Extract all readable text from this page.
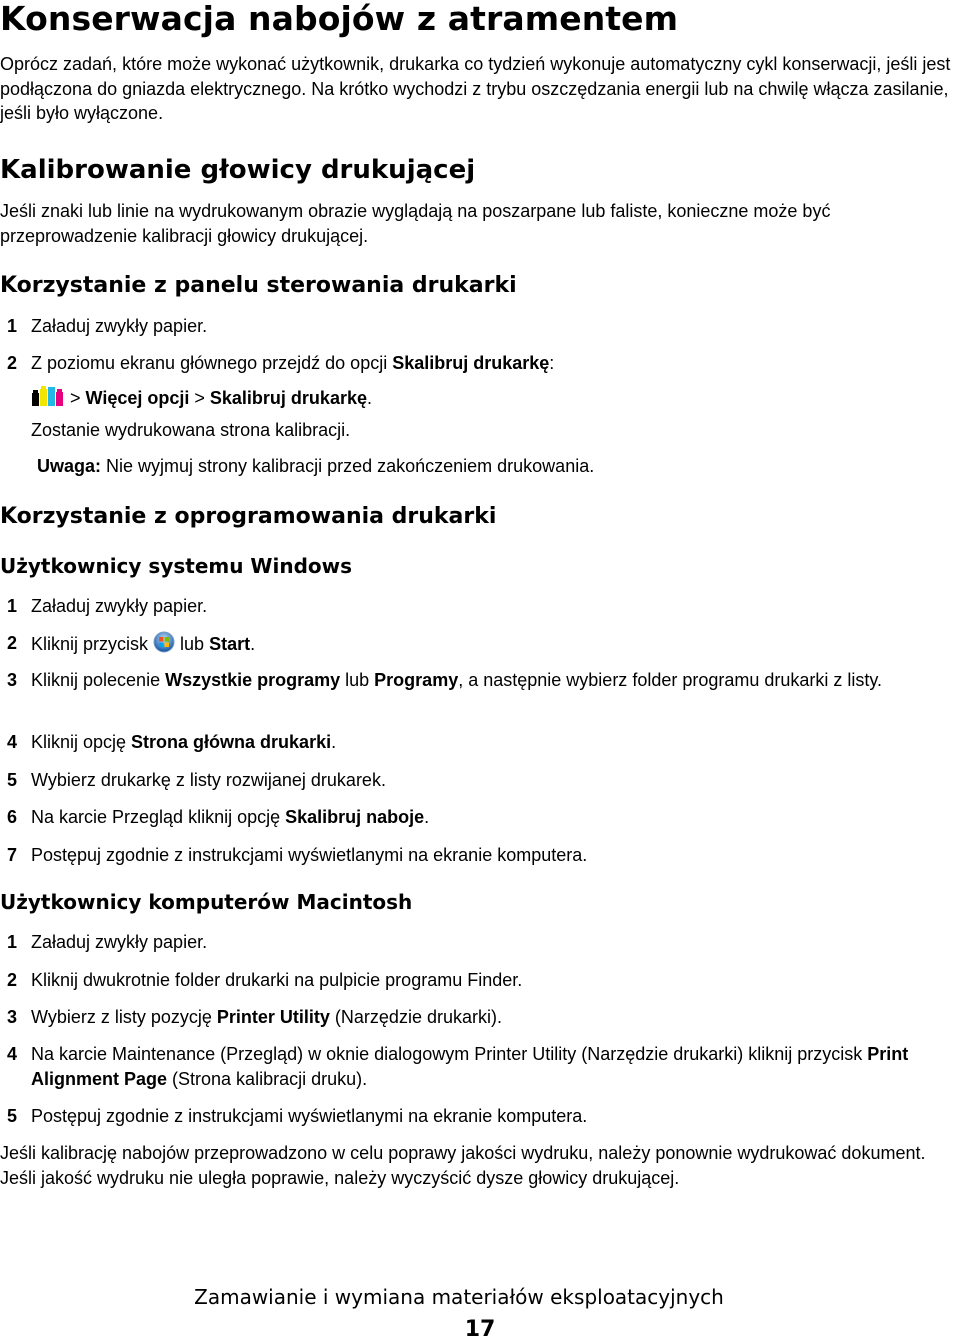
Konserwacja nabojów z atramentem

Oprócz zadań, które może wykonać użytkownik, drukarka co tydzień wykonuje automatyczny cykl konserwacji, jeśli jest podłączona do gniazda elektrycznego. Na krótko wychodzi z trybu oszczędzania energii lub na chwilę włącza zasilanie, jeśli było wyłączone.

Kalibrowanie głowicy drukującej

Jeśli znaki lub linie na wydrukowanym obrazie wyglądają na poszarpane lub faliste, konieczne może być przeprowadzenie kalibracji głowicy drukującej.

Korzystanie z panelu sterowania drukarki
1 Załaduj zwykły papier.
2 Z poziomu ekranu głównego przejdź do opcji Skalibruj drukarkę:
> Więcej opcji > Skalibruj drukarkę.
Zostanie wydrukowana strona kalibracji.
Uwaga: Nie wyjmuj strony kalibracji przed zakończeniem drukowania.
Korzystanie z oprogramowania drukarki
Użytkownicy systemu Windows
1 Załaduj zwykły papier.
2 Kliknij przycisk  lub Start.
3 Kliknij polecenie Wszystkie programy lub Programy, a następnie wybierz folder programu drukarki z listy.
4 Kliknij opcję Strona główna drukarki.
5 Wybierz drukarkę z listy rozwijanej drukarek.
6 Na karcie Przegląd kliknij opcję Skalibruj naboje.
7 Postępuj zgodnie z instrukcjami wyświetlanymi na ekranie komputera.
Użytkownicy komputerów Macintosh
1 Załaduj zwykły papier.
2 Kliknij dwukrotnie folder drukarki na pulpicie programu Finder.
3 Wybierz z listy pozycję Printer Utility (Narzędzie drukarki).
4 Na karcie Maintenance (Przegląd) w oknie dialogowym Printer Utility (Narzędzie drukarki) kliknij przycisk Print Alignment Page (Strona kalibracji druku).
5 Postępuj zgodnie z instrukcjami wyświetlanymi na ekranie komputera.

Jeśli kalibrację nabojów przeprowadzono w celu poprawy jakości wydruku, należy ponownie wydrukować dokument. Jeśli jakość wydruku nie uległa poprawie, należy wyczyścić dysze głowicy drukującej.

Zamawianie i wymiana materiałów eksploatacyjnych
17
